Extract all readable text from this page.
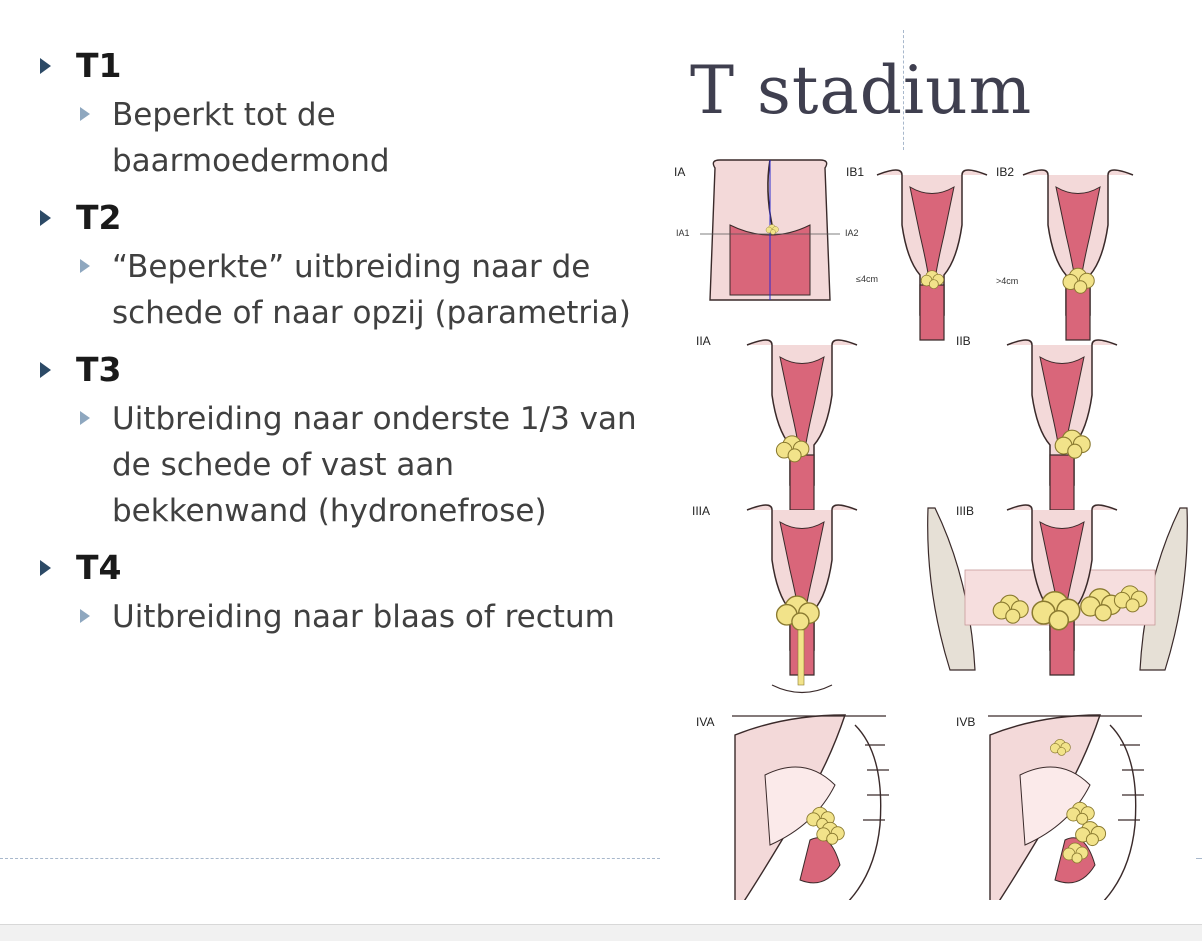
T stadium
T1
Beperkt tot de baarmoedermond
T2
“Beperkte” uitbreiding naar de schede of naar opzij (parametria)
T3
Uitbreiding naar onderste 1/3 van de schede of vast aan bekkenwand (hydronefrose)
T4
Uitbreiding naar blaas of rectum
IA
IA1	IA2
IB1
≤4cm
IB2
>4cm
IIA	IIB
IIIA	IIIB
IVA	IVB
